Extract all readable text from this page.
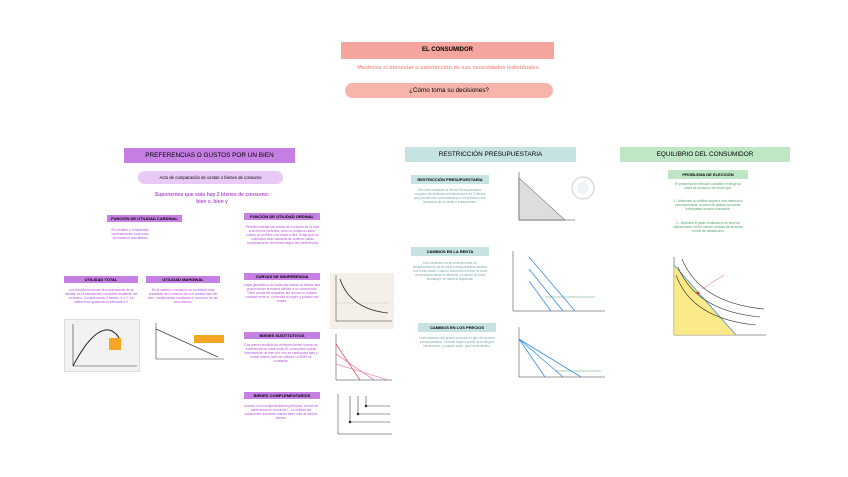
EL CONSUMIDOR
Maximiza el bienestar o satisfacción de sus necesidades individuales
¿Cómo toma su decisiones?
PREFERENCIAS O GUSTOS POR UN BIEN
Acto de comparación de cestas o bienes de consumo
Suponemos que solo hay 2 bienes de consumo: bien x, bien y
FUNCIÓN DE UTILIDAD CARDINAL
Es medible y comparable cardinalmente. economía información cuantitativa
FUNCIÓN DE UTILIDAD ORDINAL
Permite ordenar las cestas de consumo de la más a la menos preferida, pero no podemos saber cuánto se prefiere una cesta a otra. Exige que los individuos sean capaces de ordenar varias combinaciones de bienes según las preferencias
UTILIDAD TOTAL
Los individuos buscan la maximización de la utilidad, es la satisfacción completa resultante del consumo. Consideramos 2 bienes: X e Y. La obtenemos igualando la derivada a 0
UTILIDAD MARGINAL
Es el cambio o variación en la utilidad total resultante del consumo de una unidad más del bien, manteniendo constante el consumo de los otros bienes.
CURVAS DE INDIFERENCIA
Lugar geométrico de todas las cestas de bienes que proporcionan la misma utilidad a un consumidor. Tiene pendiente negativa, las curvas no pueden cortarse entre sí, convexas al origen y pueden ser rectas.
BIENES SUSTITUTIVOS
Dos bienes sustitutivos perfectos tienen curvas de indiferencia en línea recta: El consumidor puede intercambiar un bien por otro en cantidades fijas y recibir mismo nivel de utilidad. La RMS es constante.
BIENES COMPLEMENTARIOS
Cuando son complementarios perfectos, curvas de indiferencia en forma de L. La utilidad del consumidor aumenta cuando tiene más de ambos bienes.
RESTRICCIÓN PRESUPUESTARIA
RESTRICCIÓN PRESUPUESTARIA
Se mide mediante la Recta Presupuestaria, conjunto de distintas combinaciones de 2 bienes que pueden ser consumidas por un individuo con limitación de su renta o presupuesto.
CAMBIOS EN LA RENTA
Una variación en la renta provoca un desplazamiento de la recta presupuestaria paralelo a la recta inicial. Cuando aumenta la renta, la recta se desplaza hacia la derecha, y cuando la renta disminuye se hacia la izquierda.
CAMBIOS EN LOS PRECIOS
Una variación del precio provoca un giro de la recta presupuestaria. Cuando baja el precio la recta gira hacia fuera, y cuando sube, gira hacia dentro.
EQUILIBRIO DEL CONSUMIDOR
PROBLEMA DE ELECCIÓN
El problema de elección consiste en elegir su cesta de consumo de modo que:
1.- Maximice su utilidad sujeta a una restricción presupuestaria: la suma de gastos no puede sobrepasar la renta monetaria.
2.- Minimice el gasto realizado a un nivel de utilidad dado: forma menos costosa de alcanzar ll nivel de satisfacción
